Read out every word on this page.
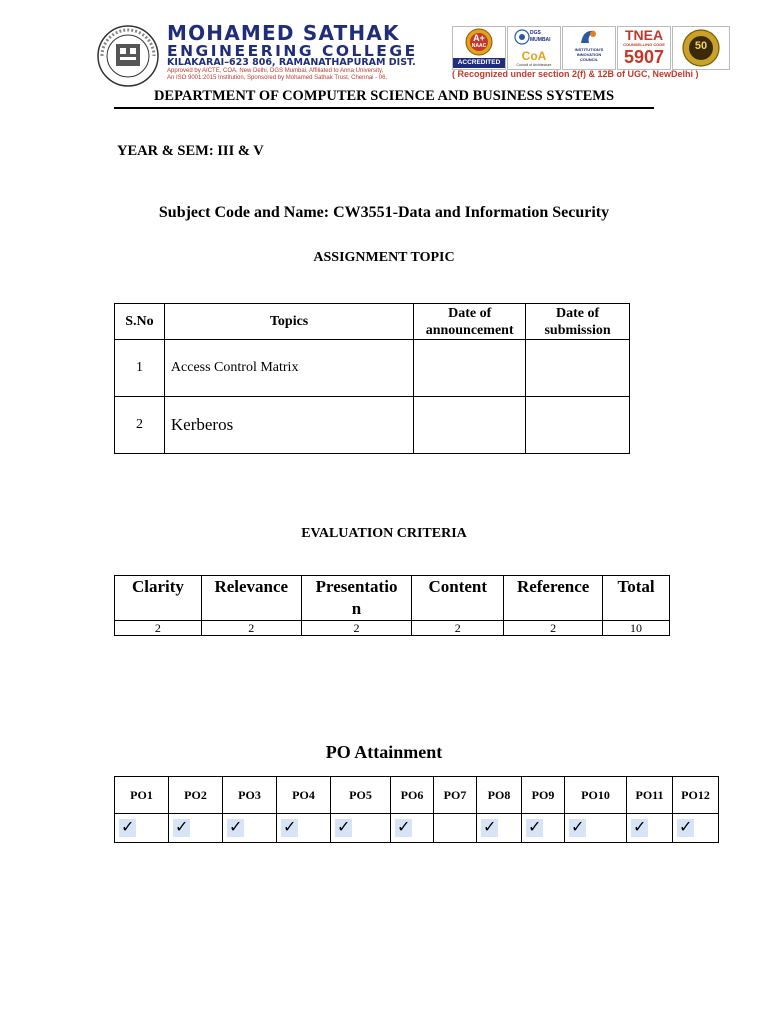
MOHAMED SATHAK
ENGINEERING COLLEGE
KILAKARAI–623 806, RAMANATHAPURAM DIST.
Approved by AICTE, COA, New Delhi, DGS Mumbai, Affiliated to Anna University,
An ISO 9001:2015 Institution, Sponsored by Mohamed Sathak Trust, Chennai - 06.
A+
NAAC
ACCREDITED	CoA
DGS
MUMBAI
Council of Architecture
INSTITUTION'S
INNOVATION
COUNCIL
TNEA
COUNSELLING CODE
5907
50
( Recognized under section 2(f) & 12B of UGC, NewDelhi )
DEPARTMENT OF COMPUTER SCIENCE AND BUSINESS SYSTEMS
YEAR & SEM: III & V
Subject Code and Name: CW3551-Data and Information Security
ASSIGNMENT TOPIC
S.No	Topics	Date of announcement	Date of submission
1	Access Control Matrix		
2	Kerberos		
EVALUATION CRITERIA
Clarity	Relevance	Presentatio n	Content	Reference	Total
2	2	2	2	2	10
PO Attainment
PO1	PO2	PO3	PO4	PO5	PO6	PO7	PO8	PO9	PO10	PO11	PO12
✓	✓	✓	✓	✓	✓		✓	✓	✓	✓	✓
